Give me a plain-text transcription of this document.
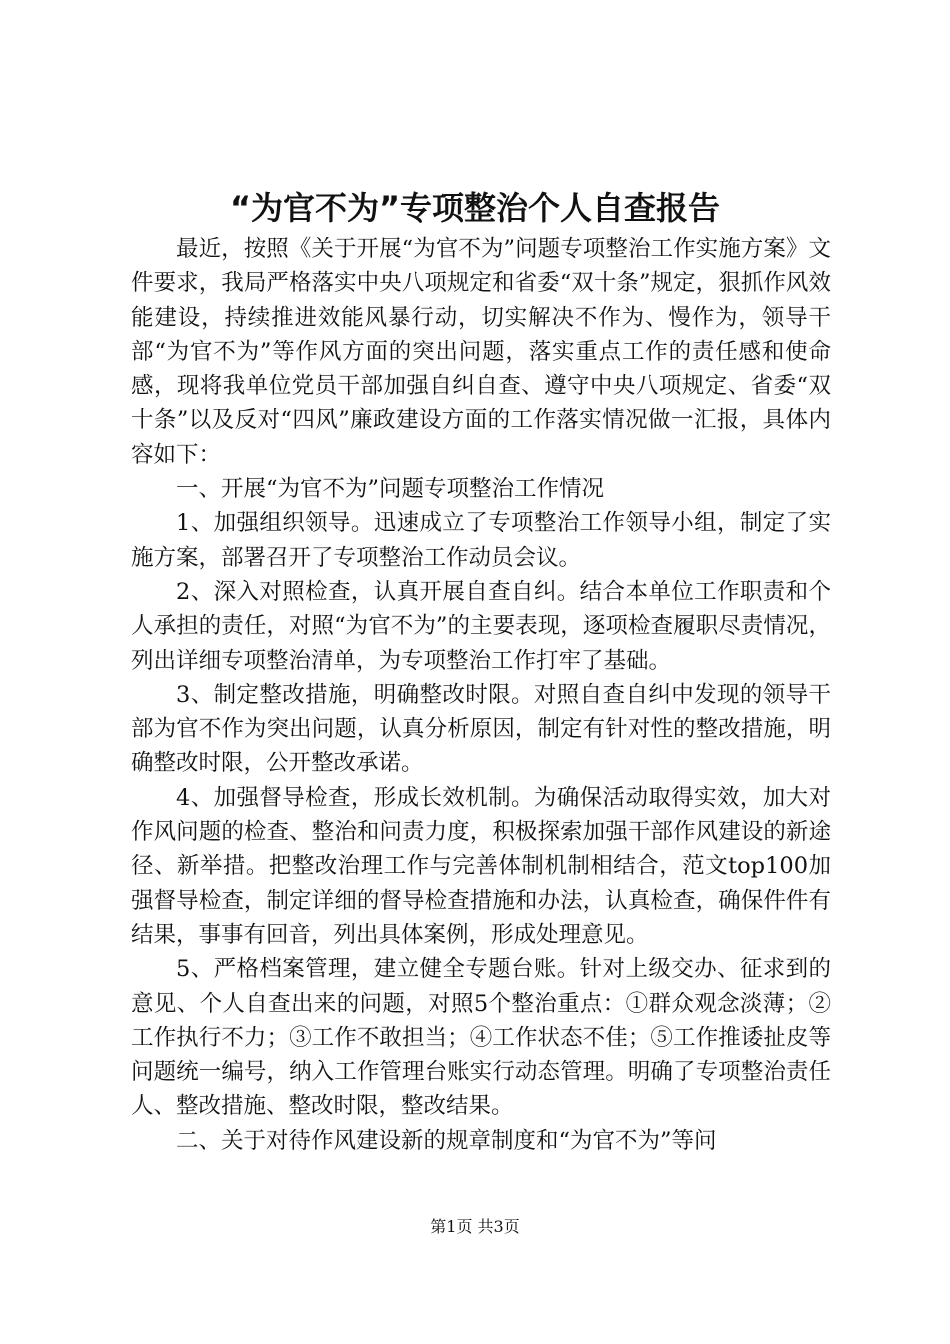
“为官不为”专项整治个人自查报告

最近，按照《关于开展“为官不为”问题专项整治工作实施方案》文件要求，我局严格落实中央八项规定和省委“双十条”规定，狠抓作风效能建设，持续推进效能风暴行动，切实解决不作为、慢作为，领导干部“为官不为”等作风方面的突出问题，落实重点工作的责任感和使命感，现将我单位党员干部加强自纠自查、遵守中央八项规定、省委“双十条”以及反对“四风”廉政建设方面的工作落实情况做一汇报，具体内容如下：

一、开展“为官不为”问题专项整治工作情况

1、加强组织领导。迅速成立了专项整治工作领导小组，制定了实施方案，部署召开了专项整治工作动员会议。

2、深入对照检查，认真开展自查自纠。结合本单位工作职责和个人承担的责任，对照“为官不为”的主要表现，逐项检查履职尽责情况，列出详细专项整治清单，为专项整治工作打牢了基础。

3、制定整改措施，明确整改时限。对照自查自纠中发现的领导干部为官不作为突出问题，认真分析原因，制定有针对性的整改措施，明确整改时限，公开整改承诺。

4、加强督导检查，形成长效机制。为确保活动取得实效，加大对作风问题的检查、整治和问责力度，积极探索加强干部作风建设的新途径、新举措。把整改治理工作与完善体制机制相结合，范文top100加强督导检查，制定详细的督导检查措施和办法，认真检查，确保件件有结果，事事有回音，列出具体案例，形成处理意见。

5、严格档案管理，建立健全专题台账。针对上级交办、征求到的意见、个人自查出来的问题，对照5个整治重点：①群众观念淡薄；②工作执行不力；③工作不敢担当；④工作状态不佳；⑤工作推诿扯皮等问题统一编号，纳入工作管理台账实行动态管理。明确了专项整治责任人、整改措施、整改时限，整改结果。

二、关于对待作风建设新的规章制度和“为官不为”等问

第1页 共3页
